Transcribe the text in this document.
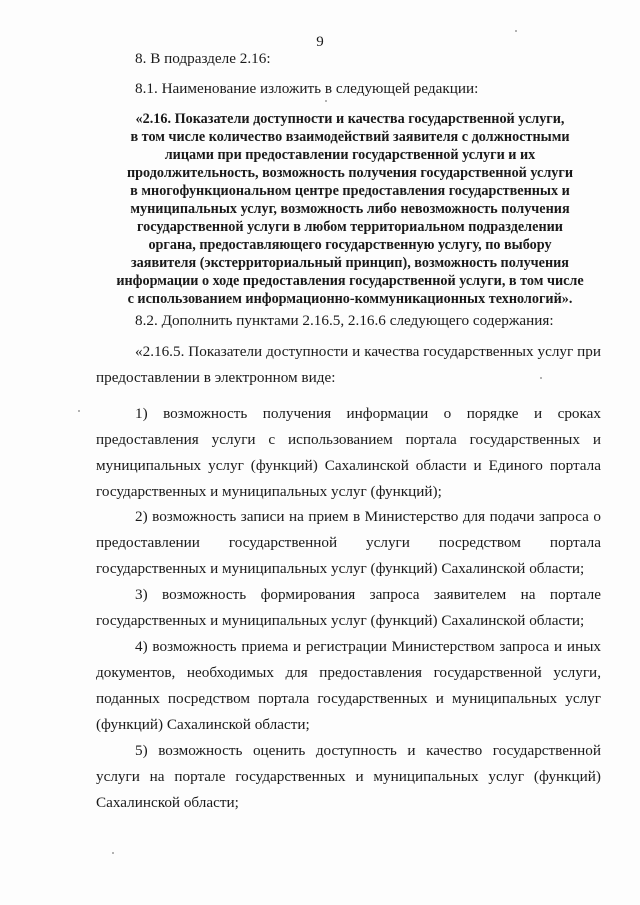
9
8. В подразделе 2.16:
8.1. Наименование изложить в следующей редакции:
«2.16. Показатели доступности и качества государственной услуги,
в том числе количество взаимодействий заявителя с должностными
лицами при предоставлении государственной услуги и их
продолжительность, возможность получения государственной услуги
в многофункциональном центре предоставления государственных и
муниципальных услуг, возможность либо невозможность получения
государственной услуги в любом территориальном подразделении
органа, предоставляющего государственную услугу, по выбору
заявителя (экстерриториальный принцип), возможность получения
информации о ходе предоставления государственной услуги, в том числе
с использованием информационно-коммуникационных технологий».
8.2. Дополнить пунктами 2.16.5, 2.16.6 следующего содержания:
«2.16.5. Показатели доступности и качества государственных услуг при
предоставлении в электронном виде:
1) возможность получения информации о порядке и сроках
предоставления услуги с использованием портала государственных и
муниципальных услуг (функций) Сахалинской области и Единого портала
государственных и муниципальных услуг (функций);
2) возможность записи на прием в Министерство для подачи запроса о
предоставлении государственной услуги посредством портала
государственных и муниципальных услуг (функций) Сахалинской области;
3) возможность формирования запроса заявителем на портале
государственных и муниципальных услуг (функций) Сахалинской области;
4) возможность приема и регистрации Министерством запроса и иных
документов, необходимых для предоставления государственной услуги,
поданных посредством портала государственных и муниципальных услуг
(функций) Сахалинской области;
5) возможность оценить доступность и качество государственной
услуги на портале государственных и муниципальных услуг (функций)
Сахалинской области;
